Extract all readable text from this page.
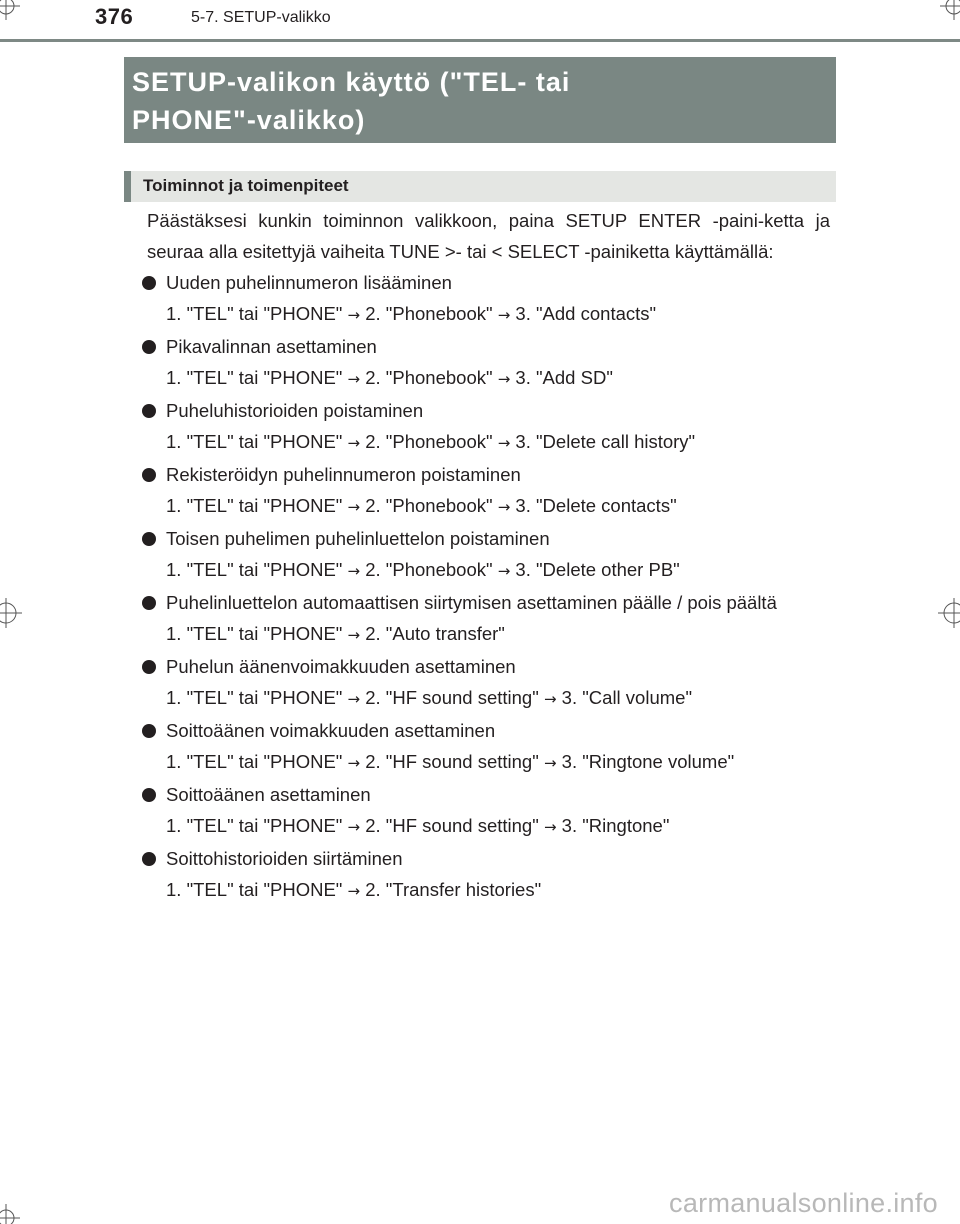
376	5-7. SETUP-valikko
SETUP-valikon käyttö ("TEL- tai
PHONE"-valikko)
Toiminnot ja toimenpiteet

Päästäksesi kunkin toiminnon valikkoon, paina SETUP ENTER -paini-ketta ja seuraa alla esitettyjä vaiheita TUNE >- tai < SELECT -painiketta käyttämällä:

Uuden puhelinnumeron lisääminen
1. "TEL" tai "PHONE" → 2. "Phonebook" → 3. "Add contacts"
Pikavalinnan asettaminen
1. "TEL" tai "PHONE" → 2. "Phonebook" → 3. "Add SD"
Puheluhistorioiden poistaminen
1. "TEL" tai "PHONE" → 2. "Phonebook" → 3. "Delete call history"
Rekisteröidyn puhelinnumeron poistaminen
1. "TEL" tai "PHONE" → 2. "Phonebook" → 3. "Delete contacts"
Toisen puhelimen puhelinluettelon poistaminen
1. "TEL" tai "PHONE" → 2. "Phonebook" → 3. "Delete other PB"
Puhelinluettelon automaattisen siirtymisen asettaminen päälle / pois päältä
1. "TEL" tai "PHONE" → 2. "Auto transfer"
Puhelun äänenvoimakkuuden asettaminen
1. "TEL" tai "PHONE" → 2. "HF sound setting" → 3. "Call volume"
Soittoäänen voimakkuuden asettaminen
1. "TEL" tai "PHONE" → 2. "HF sound setting" → 3. "Ringtone volume"
Soittoäänen asettaminen
1. "TEL" tai "PHONE" → 2. "HF sound setting" → 3. "Ringtone"
Soittohistorioiden siirtäminen
1. "TEL" tai "PHONE" → 2. "Transfer histories"
carmanualsonline.info
